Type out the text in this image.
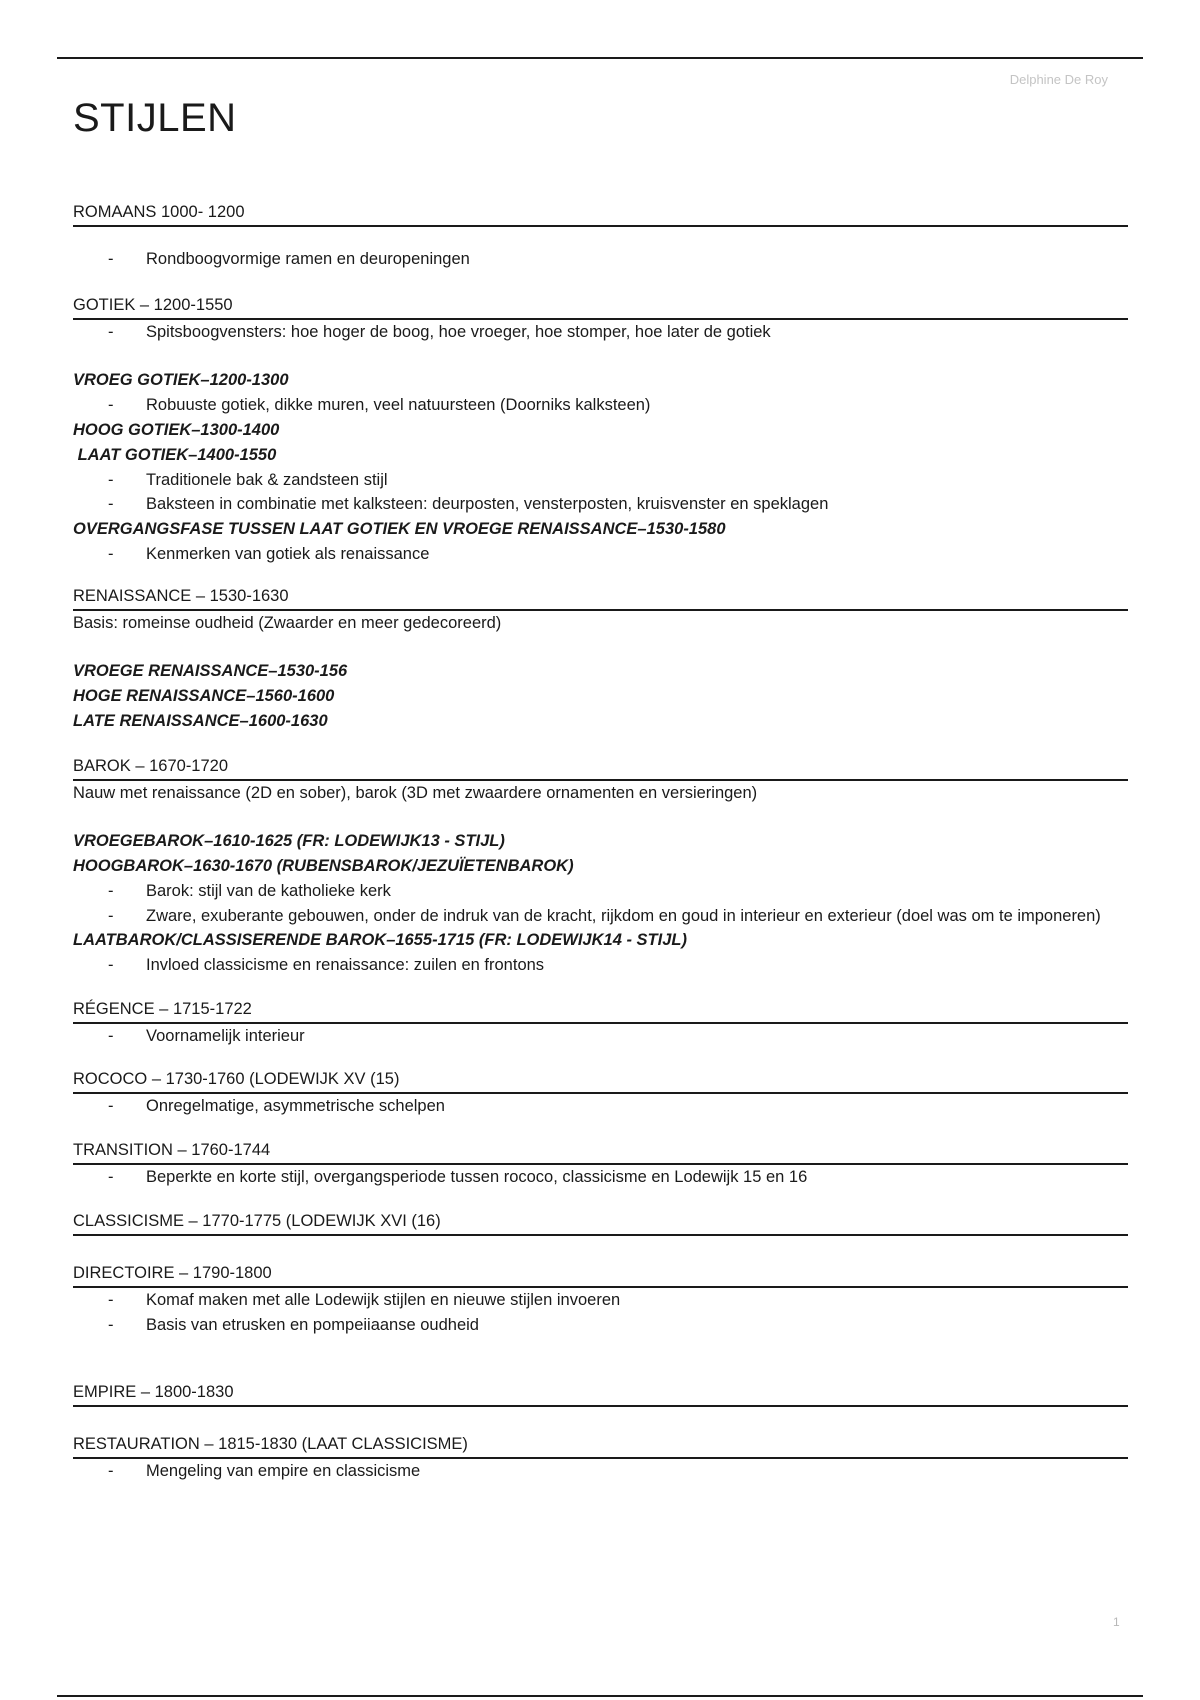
Delphine De Roy
STIJLEN
ROMAANS 1000- 1200
- Rondboogvormige ramen en deuropeningen
GOTIEK – 1200-1550
- Spitsboogvensters: hoe hoger de boog, hoe vroeger, hoe stomper, hoe later de gotiek
VROEG GOTIEK–1200-1300
- Robuuste gotiek, dikke muren, veel natuursteen (Doorniks kalksteen)
HOOG GOTIEK–1300-1400
LAAT GOTIEK–1400-1550
- Traditionele bak & zandsteen stijl
- Baksteen in combinatie met kalksteen: deurposten, vensterposten, kruisvenster en speklagen
OVERGANGSFASE TUSSEN LAAT GOTIEK EN VROEGE RENAISSANCE–1530-1580
- Kenmerken van gotiek als renaissance
RENAISSANCE – 1530-1630
Basis: romeinse oudheid (Zwaarder en meer gedecoreerd)
VROEGE RENAISSANCE–1530-156
HOGE RENAISSANCE–1560-1600
LATE RENAISSANCE–1600-1630
BAROK – 1670-1720
Nauw met renaissance (2D en sober), barok (3D met zwaardere ornamenten en versieringen)
VROEGEBAROK–1610-1625 (FR: LODEWIJK13 - STIJL)
HOOGBAROK–1630-1670 (RUBENSBAROK/JEZUÏETENBAROK)
- Barok: stijl van de katholieke kerk
- Zware, exuberante gebouwen, onder de indruk van de kracht, rijkdom en goud in interieur en exterieur (doel was om te imponeren)
LAATBAROK/CLASSISERENDE BAROK–1655-1715 (FR: LODEWIJK14 - STIJL)
- Invloed classicisme en renaissance: zuilen en frontons
RÉGENCE – 1715-1722
- Voornamelijk interieur
ROCOCO – 1730-1760 (LODEWIJK XV (15)
- Onregelmatige, asymmetrische schelpen
TRANSITION – 1760-1744
- Beperkte en korte stijl, overgangsperiode tussen rococo, classicisme en Lodewijk 15 en 16
CLASSICISME – 1770-1775 (LODEWIJK XVI (16)
DIRECTOIRE – 1790-1800
- Komaf maken met alle Lodewijk stijlen en nieuwe stijlen invoeren
- Basis van etrusken en pompeiiaanse oudheid
EMPIRE – 1800-1830
RESTAURATION – 1815-1830 (LAAT CLASSICISME)
- Mengeling van empire en classicisme
1
